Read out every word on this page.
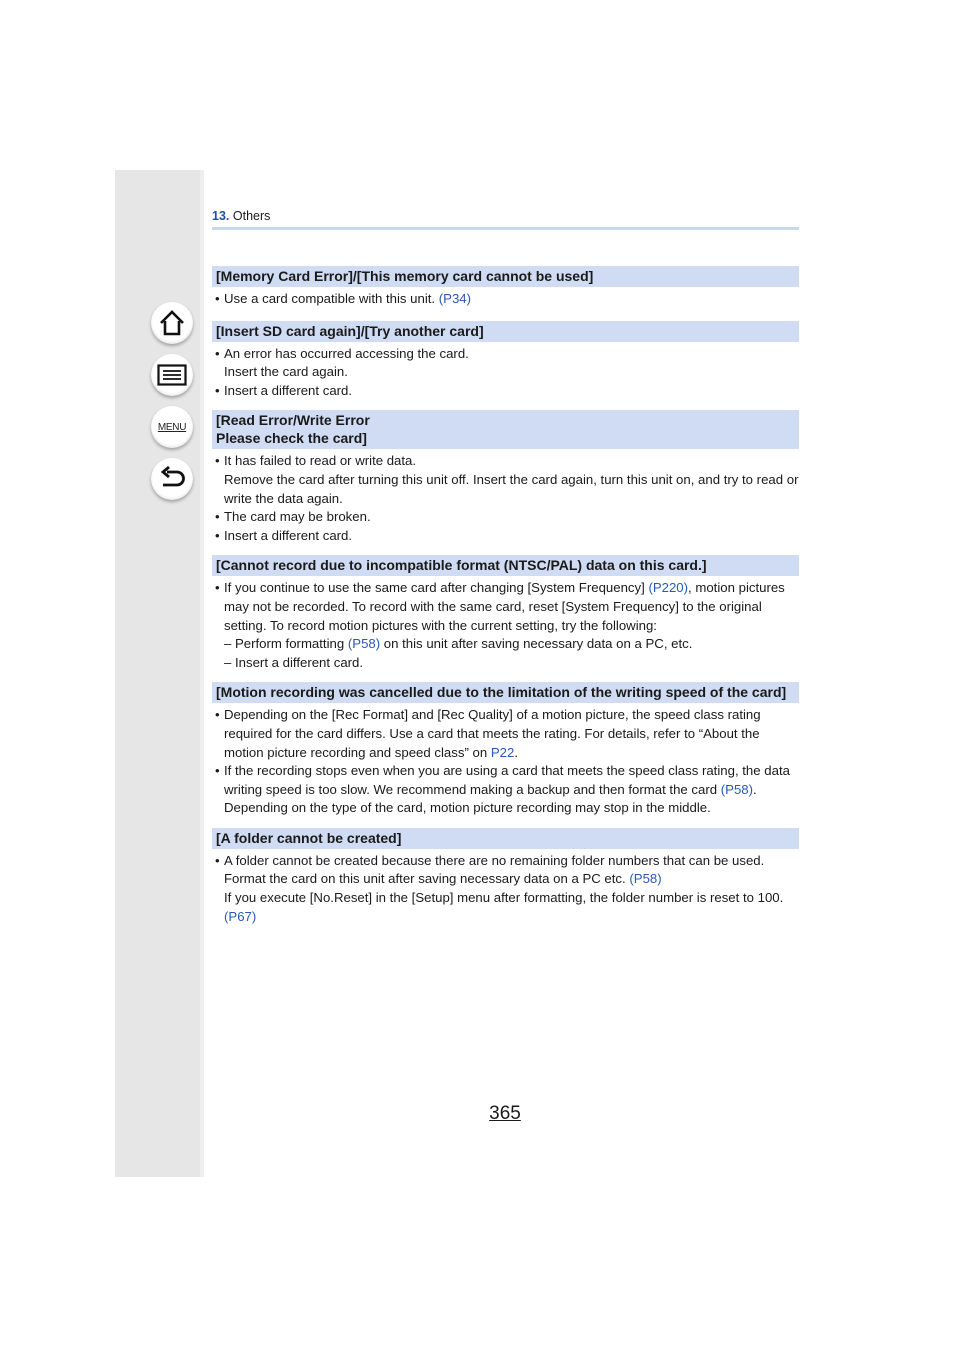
MENU
13. Others
[Memory Card Error]/[This memory card cannot be used]
• Use a card compatible with this unit. (P34)
[Insert SD card again]/[Try another card]
• An error has occurred accessing the card.
Insert the card again.
• Insert a different card.
[Read Error/Write Error
Please check the card]
• It has failed to read or write data.
Remove the card after turning this unit off. Insert the card again, turn this unit on, and try to read or write the data again.
• The card may be broken.
• Insert a different card.
[Cannot record due to incompatible format (NTSC/PAL) data on this card.]
• If you continue to use the same card after changing [System Frequency] (P220), motion pictures may not be recorded. To record with the same card, reset [System Frequency] to the original setting. To record motion pictures with the current setting, try the following:
– Perform formatting (P58) on this unit after saving necessary data on a PC, etc.
– Insert a different card.
[Motion recording was cancelled due to the limitation of the writing speed of the card]
• Depending on the [Rec Format] and [Rec Quality] of a motion picture, the speed class rating required for the card differs. Use a card that meets the rating. For details, refer to “About the motion picture recording and speed class” on P22.
• If the recording stops even when you are using a card that meets the speed class rating, the data writing speed is too slow. We recommend making a backup and then format the card (P58).
Depending on the type of the card, motion picture recording may stop in the middle.
[A folder cannot be created]
• A folder cannot be created because there are no remaining folder numbers that can be used.
Format the card on this unit after saving necessary data on a PC etc. (P58)
If you execute [No.Reset] in the [Setup] menu after formatting, the folder number is reset to 100. (P67)
365
